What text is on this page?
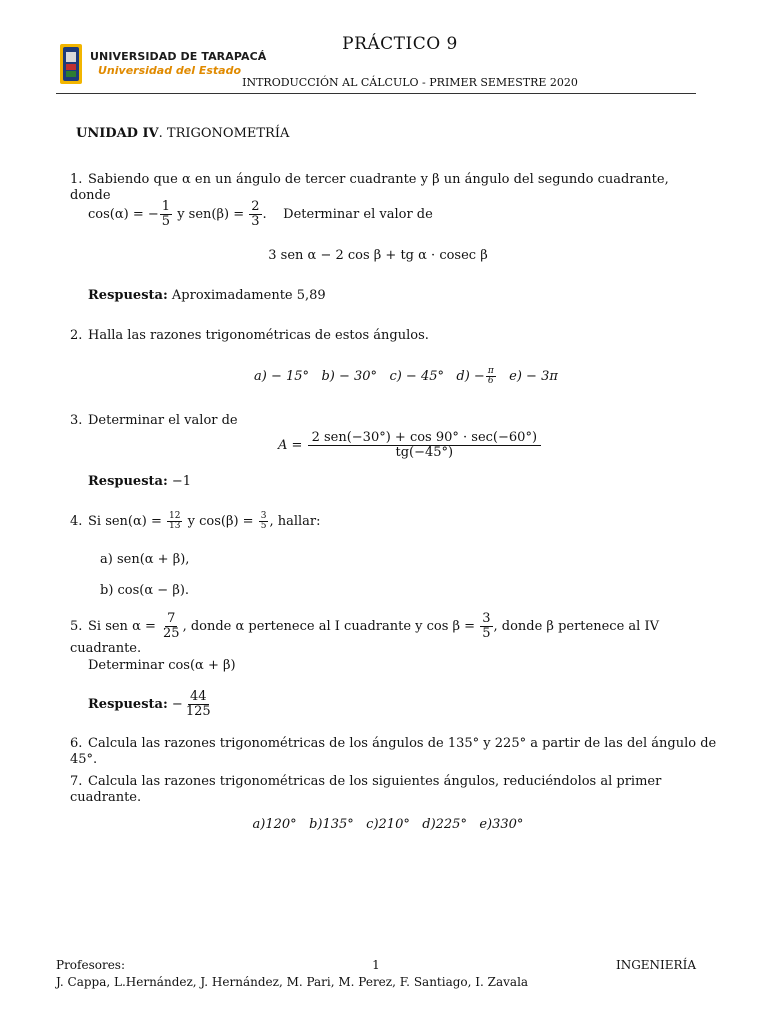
UNIVERSIDAD DE TARAPACÁ
Universidad del Estado
PRÁCTICO 9
INTRODUCCIÓN AL CÁLCULO - PRIMER SEMESTRE 2020
UNIDAD IV. TRIGONOMETRÍA
1. Sabiendo que α en un ángulo de tercer cuadrante y β un ángulo del segundo cuadrante, donde
cos(α) = − $\frac{1}{5}$ y $sen(\beta) = \frac{2}{3}$ .    Determinar el valor de
3 sen α − 2 cos β + tg α · cosec β
Respuesta: Aproximadamente 5,89
2. Halla las razones trigonométricas de estos ángulos.
a) − 15° b) − 30° c) − 45° $d) - \frac{\pi}{6} e) - 3\pi$
3. Determinar el valor de
$A = \frac{\text{2 sen(−30°) + cos 90° · sec(−60°)}}{tg(-45^\circ)}$
Respuesta: −1
4. Si $sen(\alpha) = \frac{12}{13}$ y $\cos(\beta) = \frac{3}{5}$ , hallar:
a) sen(α + β),
b) cos(α − β).
5. Si sen $\alpha = \frac{7}{25}$ , donde α pertenece al I cuadrante y $\cos \beta = \frac{3}{5}$ , donde β pertenece al IV cuadrante.
Determinar cos(α + β)
Respuesta: − $\frac{44}{125}$
6. Calcula las razones trigonométricas de los ángulos de 135° y 225° a partir de las del ángulo de 45°.
7. Calcula las razones trigonométricas de los siguientes ángulos, reduciéndolos al primer cuadrante.
a)120°   b)135°   c)210°   d)225°   e)330°
Profesores:
J. Cappa, L.Hernández, J. Hernández, M. Pari, M. Perez, F. Santiago, I. Zavala
1	INGENIERÍA
